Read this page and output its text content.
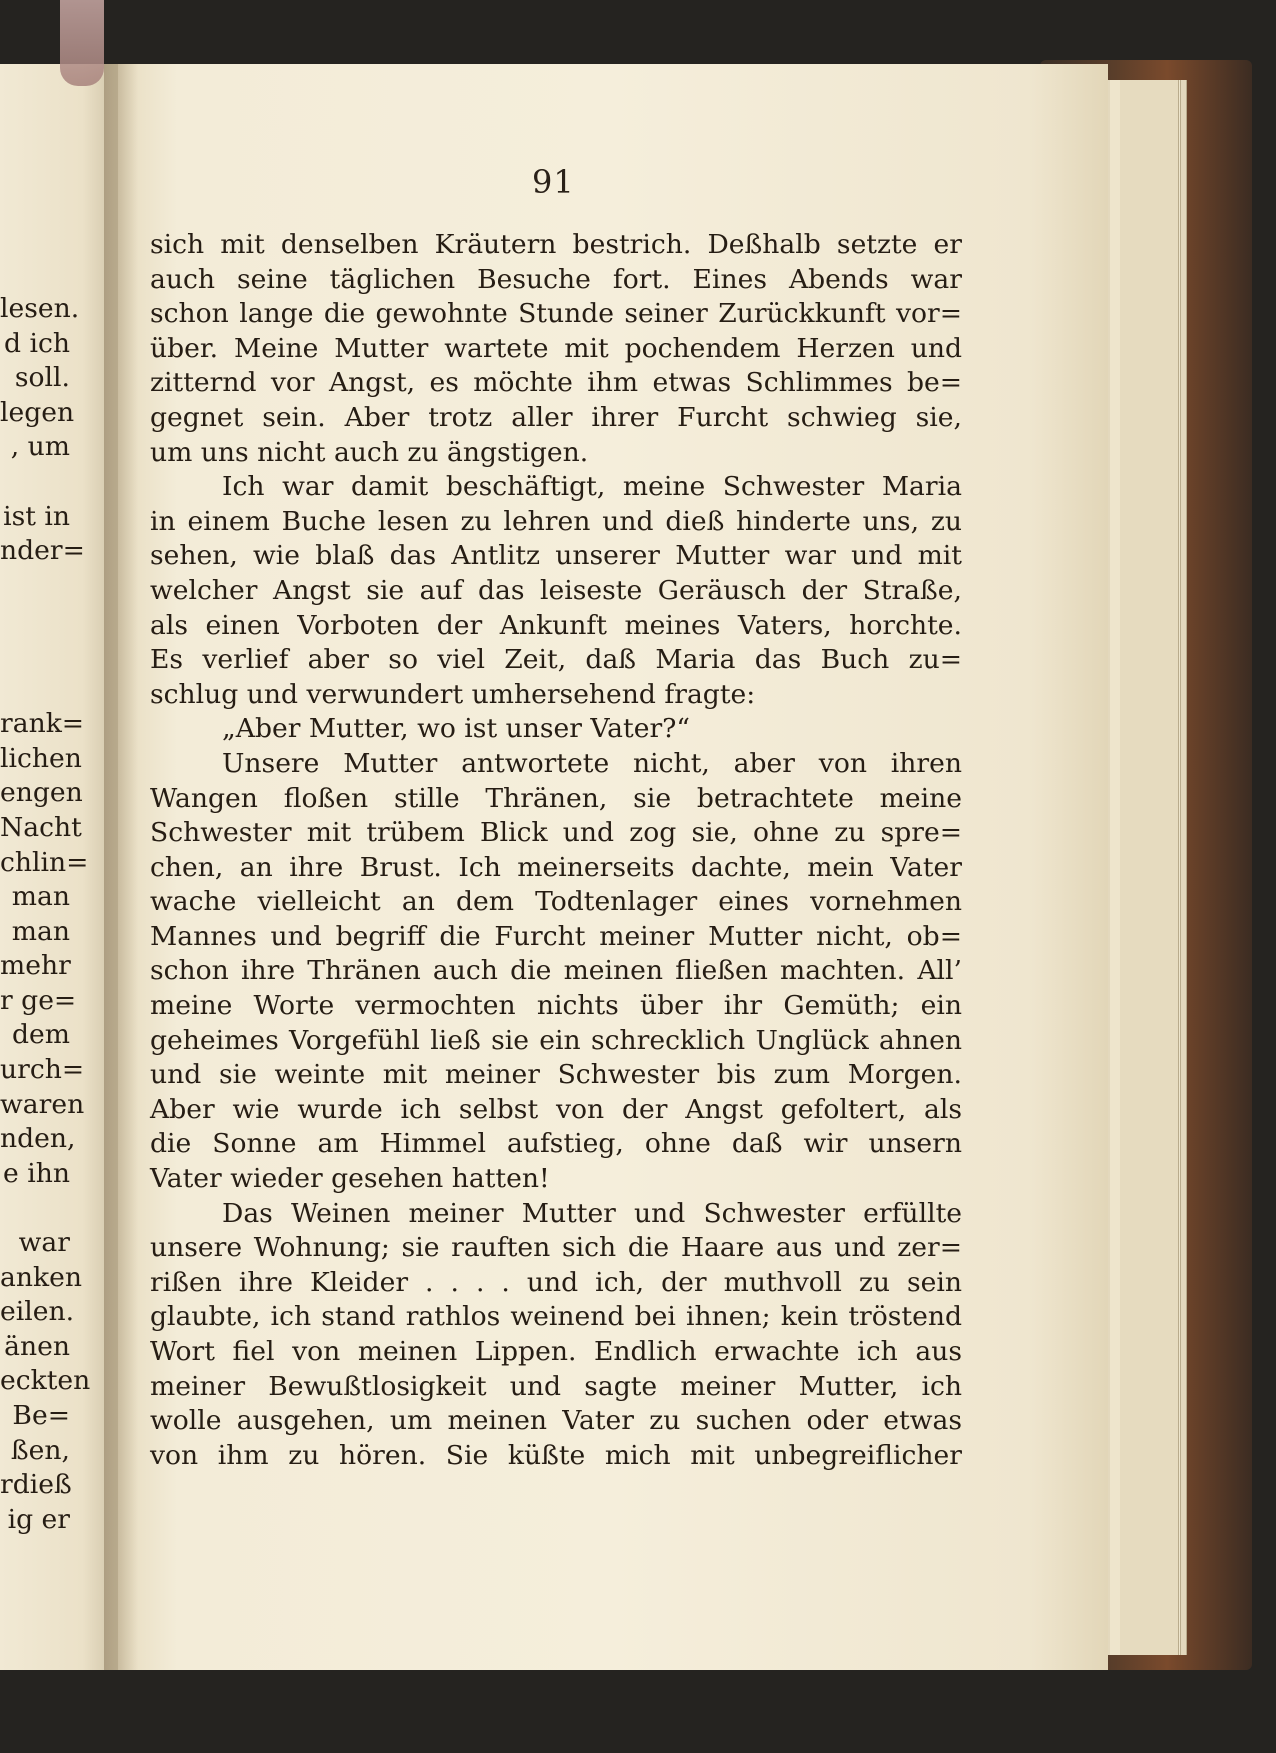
lesen.
d ich
soll.
legen
, um
ist in
nder=
rank=
lichen
engen
Nacht
chlin=
man
man
mehr
r ge=
dem
urch=
waren
nden,
e ihn
war
anken
eilen.
änen
eckten
Be=
ßen,
rdieß
ig er
91
sich mit denselben Kräutern bestrich. Deßhalb setzte er
auch seine täglichen Besuche fort. Eines Abends war
schon lange die gewohnte Stunde seiner Zurückkunft vor=
über. Meine Mutter wartete mit pochendem Herzen und
zitternd vor Angst, es möchte ihm etwas Schlimmes be=
gegnet sein. Aber trotz aller ihrer Furcht schwieg sie,
um uns nicht auch zu ängstigen.
Ich war damit beschäftigt, meine Schwester Maria
in einem Buche lesen zu lehren und dieß hinderte uns, zu
sehen, wie blaß das Antlitz unserer Mutter war und mit
welcher Angst sie auf das leiseste Geräusch der Straße,
als einen Vorboten der Ankunft meines Vaters, horchte.
Es verlief aber so viel Zeit, daß Maria das Buch zu=
schlug und verwundert umhersehend fragte:
„Aber Mutter, wo ist unser Vater?“
Unsere Mutter antwortete nicht, aber von ihren
Wangen floßen stille Thränen, sie betrachtete meine
Schwester mit trübem Blick und zog sie, ohne zu spre=
chen, an ihre Brust. Ich meinerseits dachte, mein Vater
wache vielleicht an dem Todtenlager eines vornehmen
Mannes und begriff die Furcht meiner Mutter nicht, ob=
schon ihre Thränen auch die meinen fließen machten. All’
meine Worte vermochten nichts über ihr Gemüth; ein
geheimes Vorgefühl ließ sie ein schrecklich Unglück ahnen
und sie weinte mit meiner Schwester bis zum Morgen.
Aber wie wurde ich selbst von der Angst gefoltert, als
die Sonne am Himmel aufstieg, ohne daß wir unsern
Vater wieder gesehen hatten!
Das Weinen meiner Mutter und Schwester erfüllte
unsere Wohnung; sie rauften sich die Haare aus und zer=
rißen ihre Kleider . . . . und ich, der muthvoll zu sein
glaubte, ich stand rathlos weinend bei ihnen; kein tröstend
Wort fiel von meinen Lippen. Endlich erwachte ich aus
meiner Bewußtlosigkeit und sagte meiner Mutter, ich
wolle ausgehen, um meinen Vater zu suchen oder etwas
von ihm zu hören. Sie küßte mich mit unbegreiflicher
